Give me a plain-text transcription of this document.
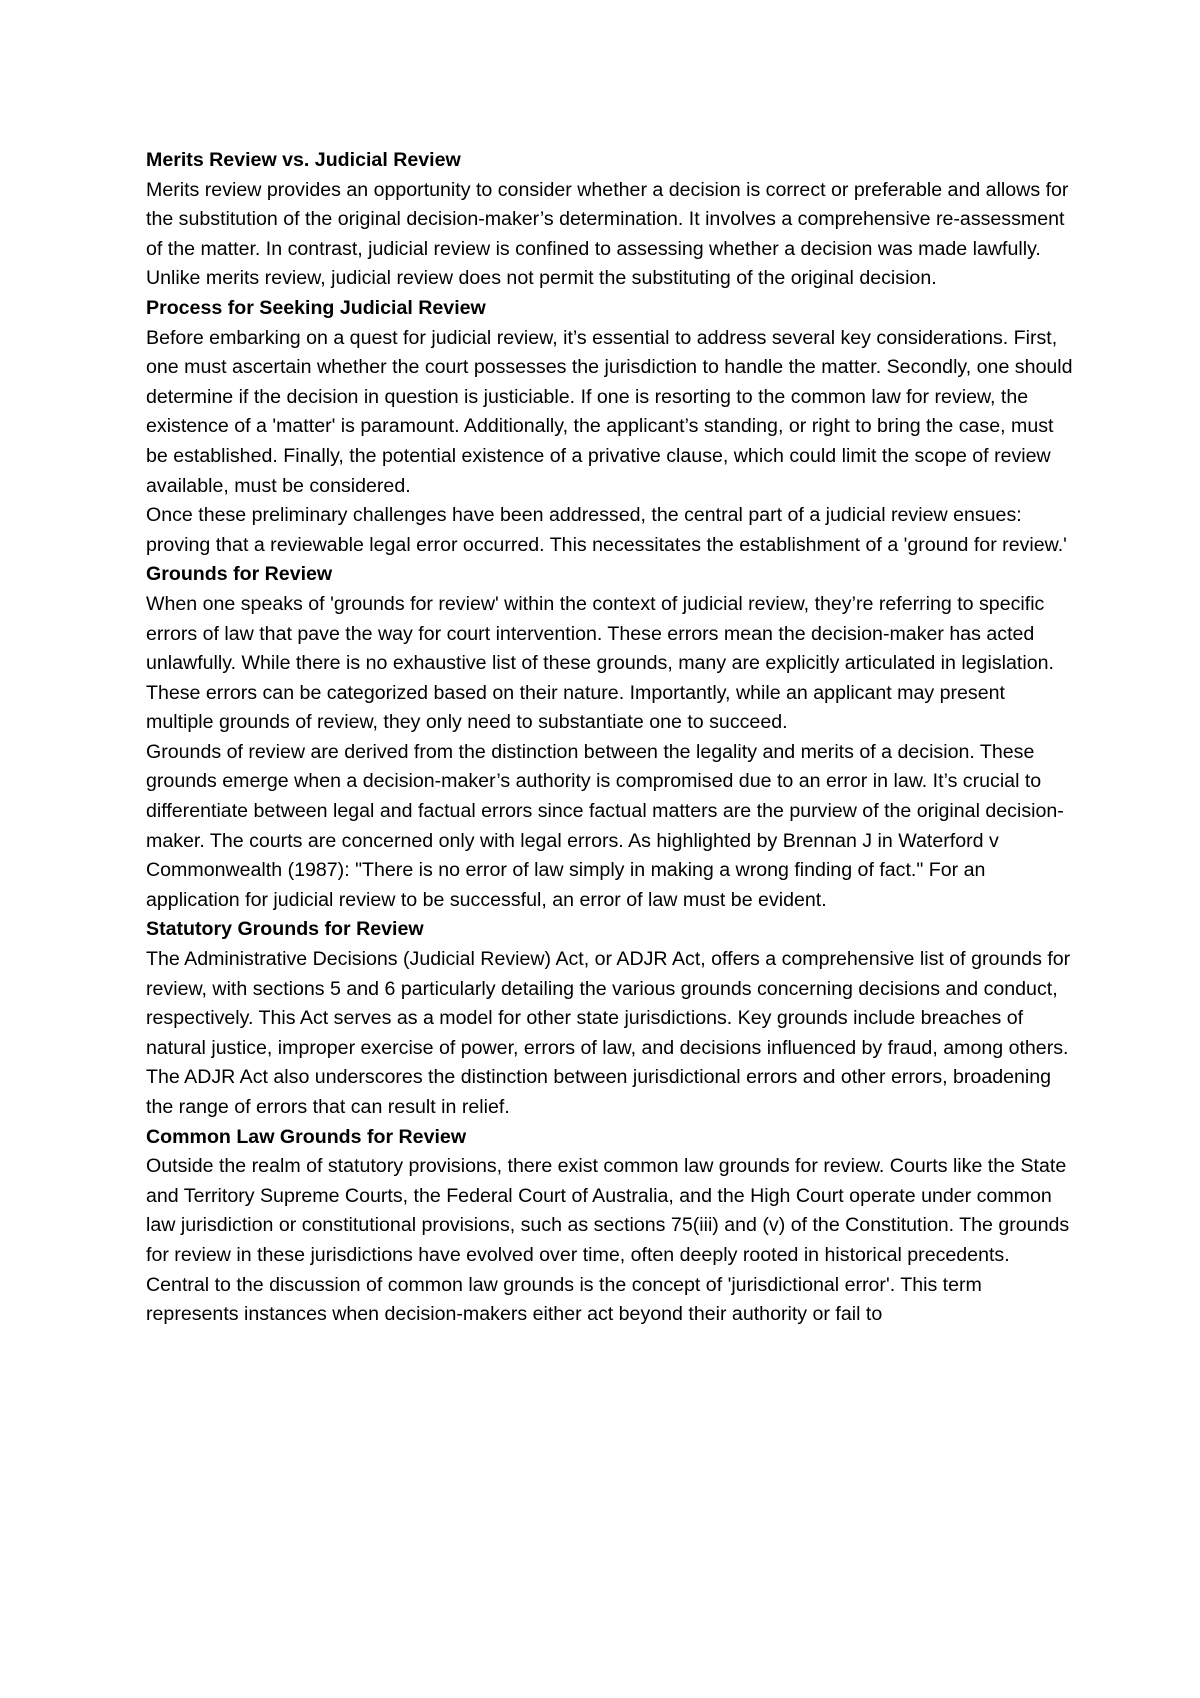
Merits Review vs. Judicial Review

Merits review provides an opportunity to consider whether a decision is correct or preferable and allows for the substitution of the original decision-maker’s determination. It involves a comprehensive re-assessment of the matter. In contrast, judicial review is confined to assessing whether a decision was made lawfully. Unlike merits review, judicial review does not permit the substituting of the original decision.

Process for Seeking Judicial Review

Before embarking on a quest for judicial review, it’s essential to address several key considerations. First, one must ascertain whether the court possesses the jurisdiction to handle the matter. Secondly, one should determine if the decision in question is justiciable. If one is resorting to the common law for review, the existence of a 'matter' is paramount. Additionally, the applicant’s standing, or right to bring the case, must be established. Finally, the potential existence of a privative clause, which could limit the scope of review available, must be considered.

Once these preliminary challenges have been addressed, the central part of a judicial review ensues: proving that a reviewable legal error occurred. This necessitates the establishment of a 'ground for review.'

Grounds for Review

When one speaks of 'grounds for review' within the context of judicial review, they’re referring to specific errors of law that pave the way for court intervention. These errors mean the decision-maker has acted unlawfully. While there is no exhaustive list of these grounds, many are explicitly articulated in legislation. These errors can be categorized based on their nature. Importantly, while an applicant may present multiple grounds of review, they only need to substantiate one to succeed.

Grounds of review are derived from the distinction between the legality and merits of a decision. These grounds emerge when a decision-maker’s authority is compromised due to an error in law. It’s crucial to differentiate between legal and factual errors since factual matters are the purview of the original decision-maker. The courts are concerned only with legal errors. As highlighted by Brennan J in Waterford v Commonwealth (1987): "There is no error of law simply in making a wrong finding of fact." For an application for judicial review to be successful, an error of law must be evident.

Statutory Grounds for Review

The Administrative Decisions (Judicial Review) Act, or ADJR Act, offers a comprehensive list of grounds for review, with sections 5 and 6 particularly detailing the various grounds concerning decisions and conduct, respectively. This Act serves as a model for other state jurisdictions. Key grounds include breaches of natural justice, improper exercise of power, errors of law, and decisions influenced by fraud, among others. The ADJR Act also underscores the distinction between jurisdictional errors and other errors, broadening the range of errors that can result in relief.

Common Law Grounds for Review

Outside the realm of statutory provisions, there exist common law grounds for review. Courts like the State and Territory Supreme Courts, the Federal Court of Australia, and the High Court operate under common law jurisdiction or constitutional provisions, such as sections 75(iii) and (v) of the Constitution. The grounds for review in these jurisdictions have evolved over time, often deeply rooted in historical precedents.

Central to the discussion of common law grounds is the concept of 'jurisdictional error'. This term represents instances when decision-makers either act beyond their authority or fail to
